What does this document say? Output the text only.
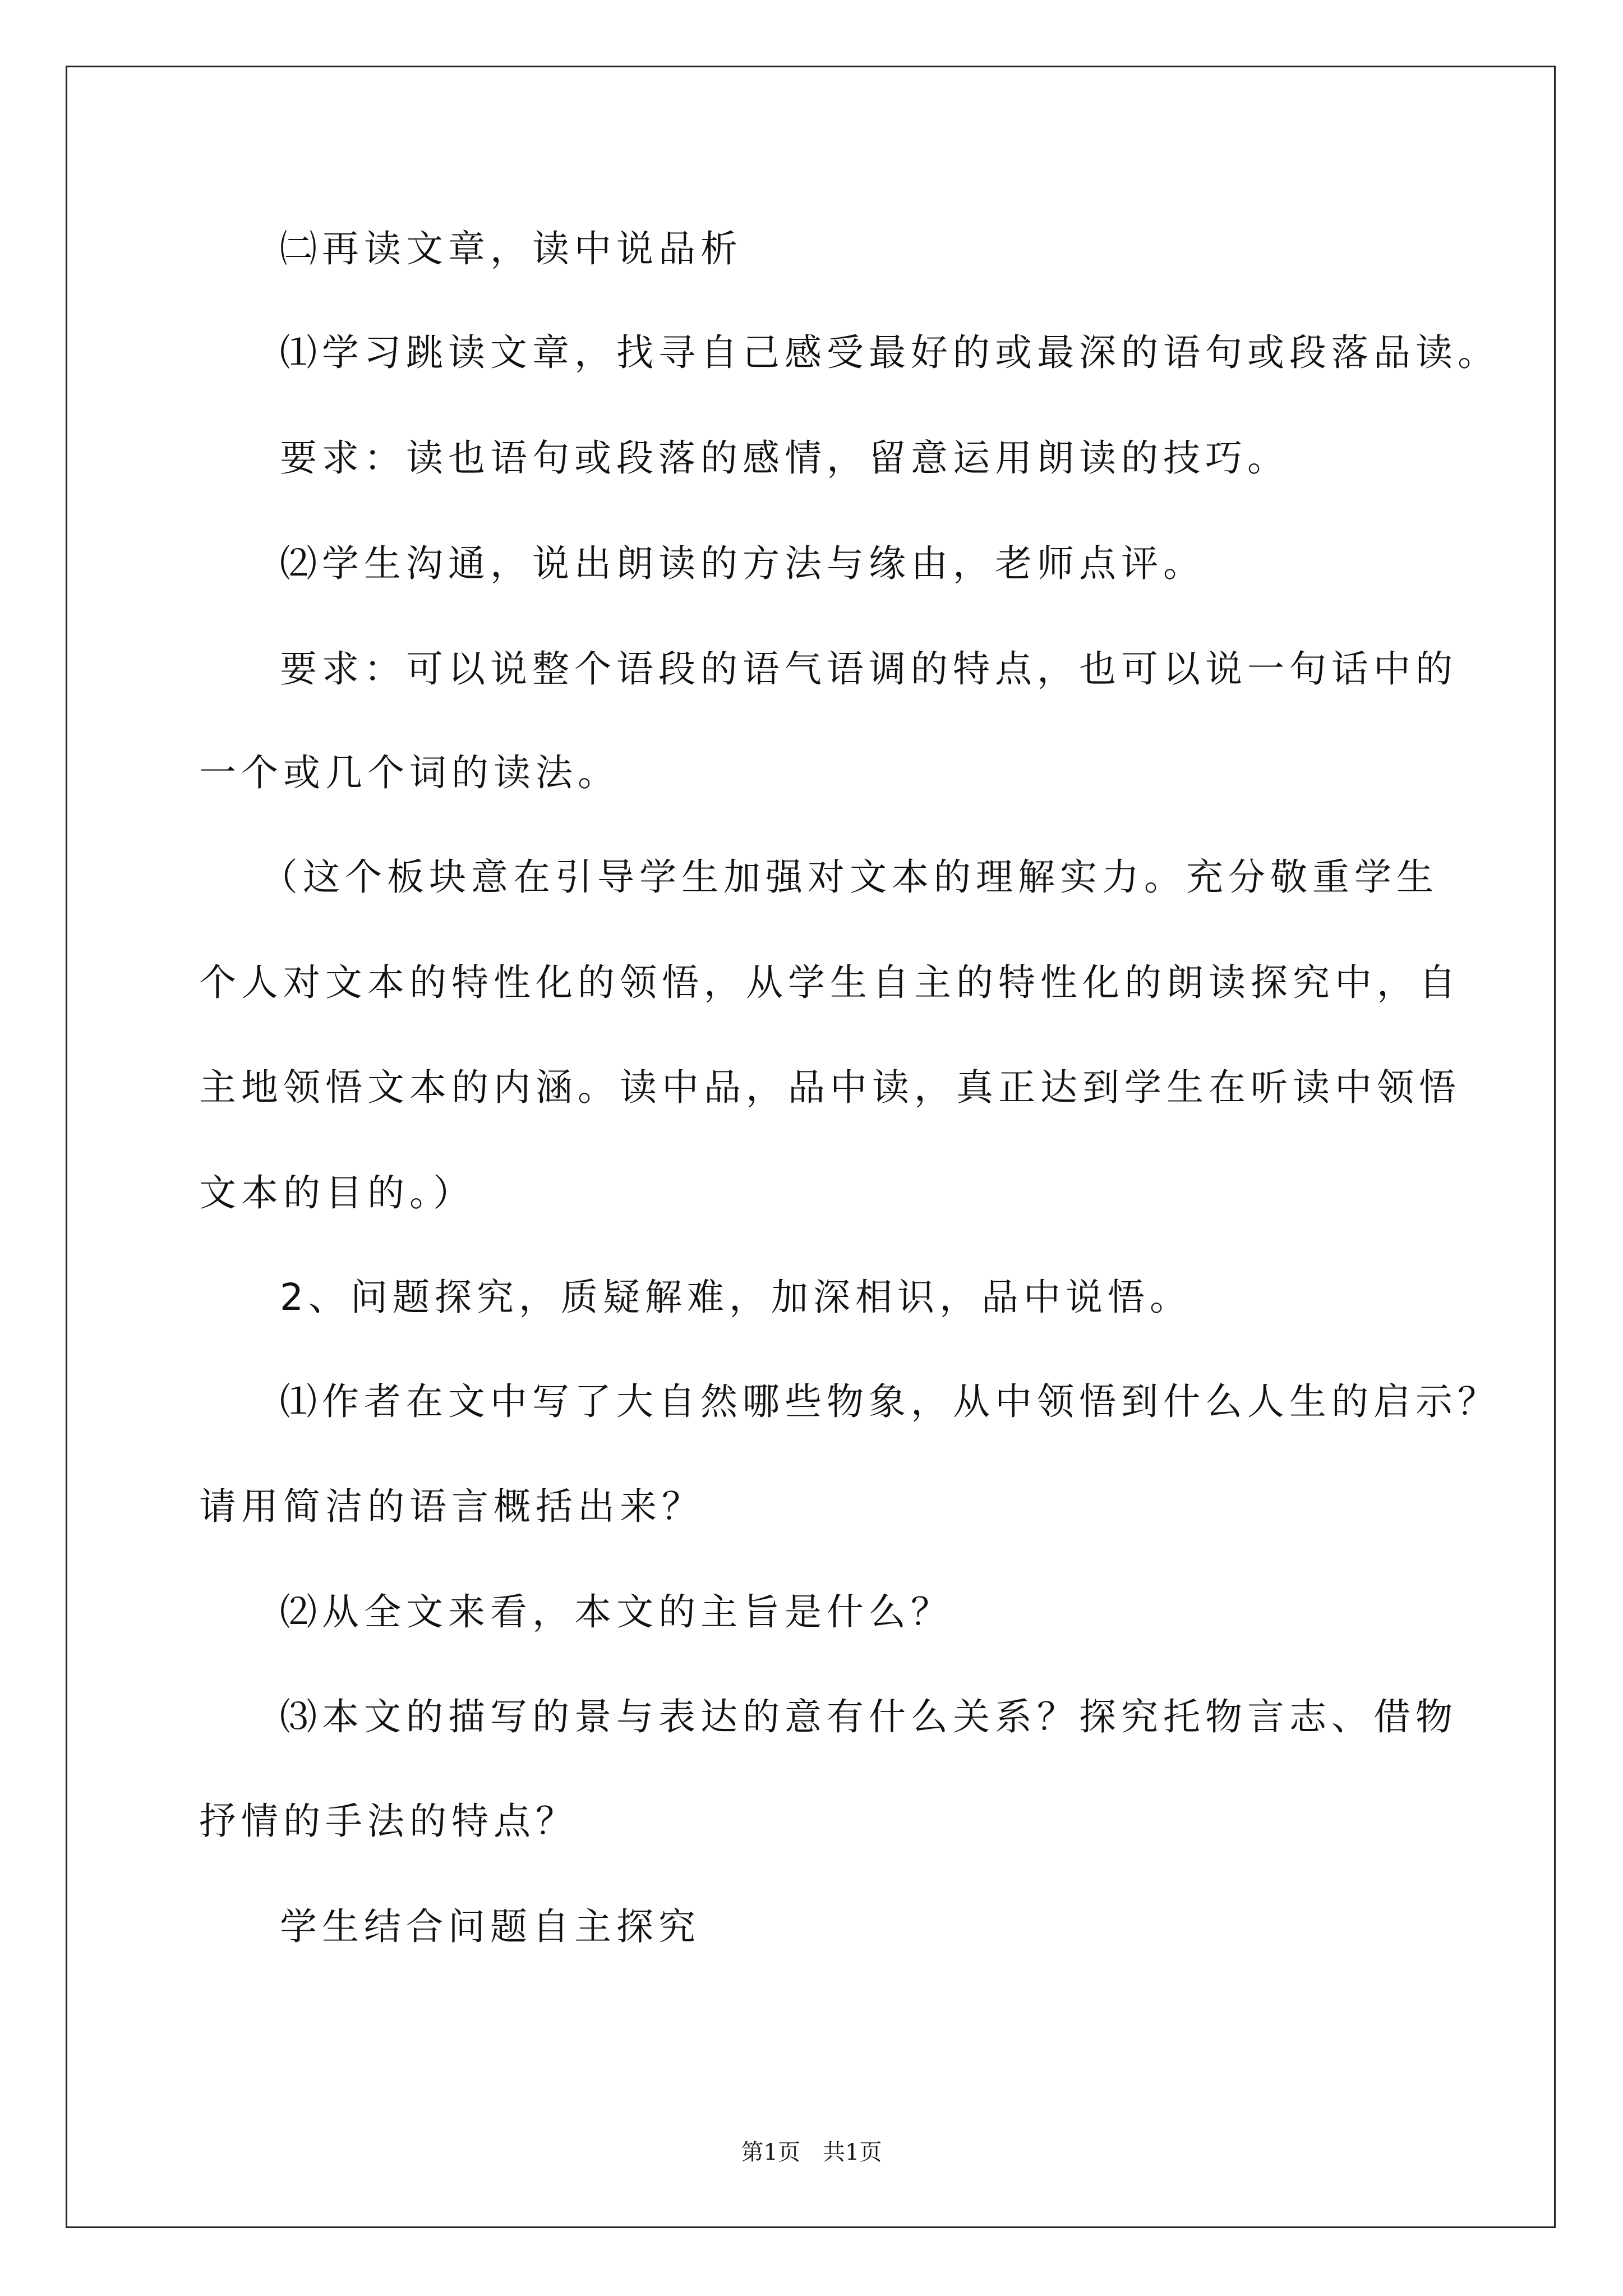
㈡再读文章，读中说品析

⑴学习跳读文章，找寻自己感受最好的或最深的语句或段落品读。

要求：读也语句或段落的感情，留意运用朗读的技巧。

⑵学生沟通，说出朗读的方法与缘由，老师点评。

要求：可以说整个语段的语气语调的特点，也可以说一句话中的

一个或几个词的读法。

（这个板块意在引导学生加强对文本的理解实力。充分敬重学生

个人对文本的特性化的领悟，从学生自主的特性化的朗读探究中，自

主地领悟文本的内涵。读中品，品中读，真正达到学生在听读中领悟

文本的目的。）

2、问题探究，质疑解难，加深相识，品中说悟。

⑴作者在文中写了大自然哪些物象，从中领悟到什么人生的启示？

请用简洁的语言概括出来？

⑵从全文来看，本文的主旨是什么？

⑶本文的描写的景与表达的意有什么关系？探究托物言志、借物

抒情的手法的特点？

学生结合问题自主探究

第1页　共1页
